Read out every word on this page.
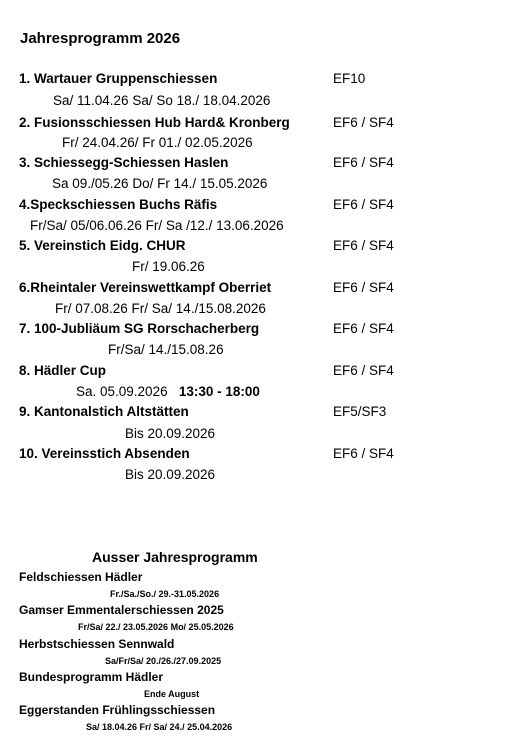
Jahresprogramm 2026
1. Wartauer Gruppenschiessen	EF10
Sa/ 11.04.26 Sa/ So 18./ 18.04.2026
2. Fusionsschiessen Hub Hard& Kronberg	EF6 / SF4
Fr/ 24.04.26/ Fr 01./ 02.05.2026
3. Schiessegg-Schiessen Haslen	EF6 / SF4
Sa 09./05.26 Do/ Fr 14./ 15.05.2026
4.Speckschiessen Buchs Räfis	EF6 / SF4
Fr/Sa/ 05/06.06.26 Fr/ Sa /12./ 13.06.2026
5. Vereinstich Eidg. CHUR	EF6 / SF4
Fr/ 19.06.26
6.Rheintaler Vereinswettkampf Oberriet	EF6 / SF4
Fr/ 07.08.26 Fr/ Sa/ 14./15.08.2026
7. 100-Jubliäum SG Rorschacherberg	EF6 / SF4
Fr/Sa/ 14./15.08.26
8. Hädler Cup	EF6 / SF4
Sa. 05.09.2026 13:30 - 18:00
9. Kantonalstich Altstätten	EF5/SF3
Bis 20.09.2026
10. Vereinsstich Absenden	EF6 / SF4
Bis 20.09.2026
Ausser Jahresprogramm
Feldschiessen Hädler
Fr./Sa./So./ 29.-31.05.2026
Gamser Emmentalerschiessen 2025
Fr/Sa/ 22./ 23.05.2026 Mo/ 25.05.2026
Herbstschiessen Sennwald
Sa/Fr/Sa/ 20./26./27.09.2025
Bundesprogramm Hädler
Ende August
Eggerstanden Frühlingsschiessen
Sa/ 18.04.26 Fr/ Sa/ 24./ 25.04.2026
